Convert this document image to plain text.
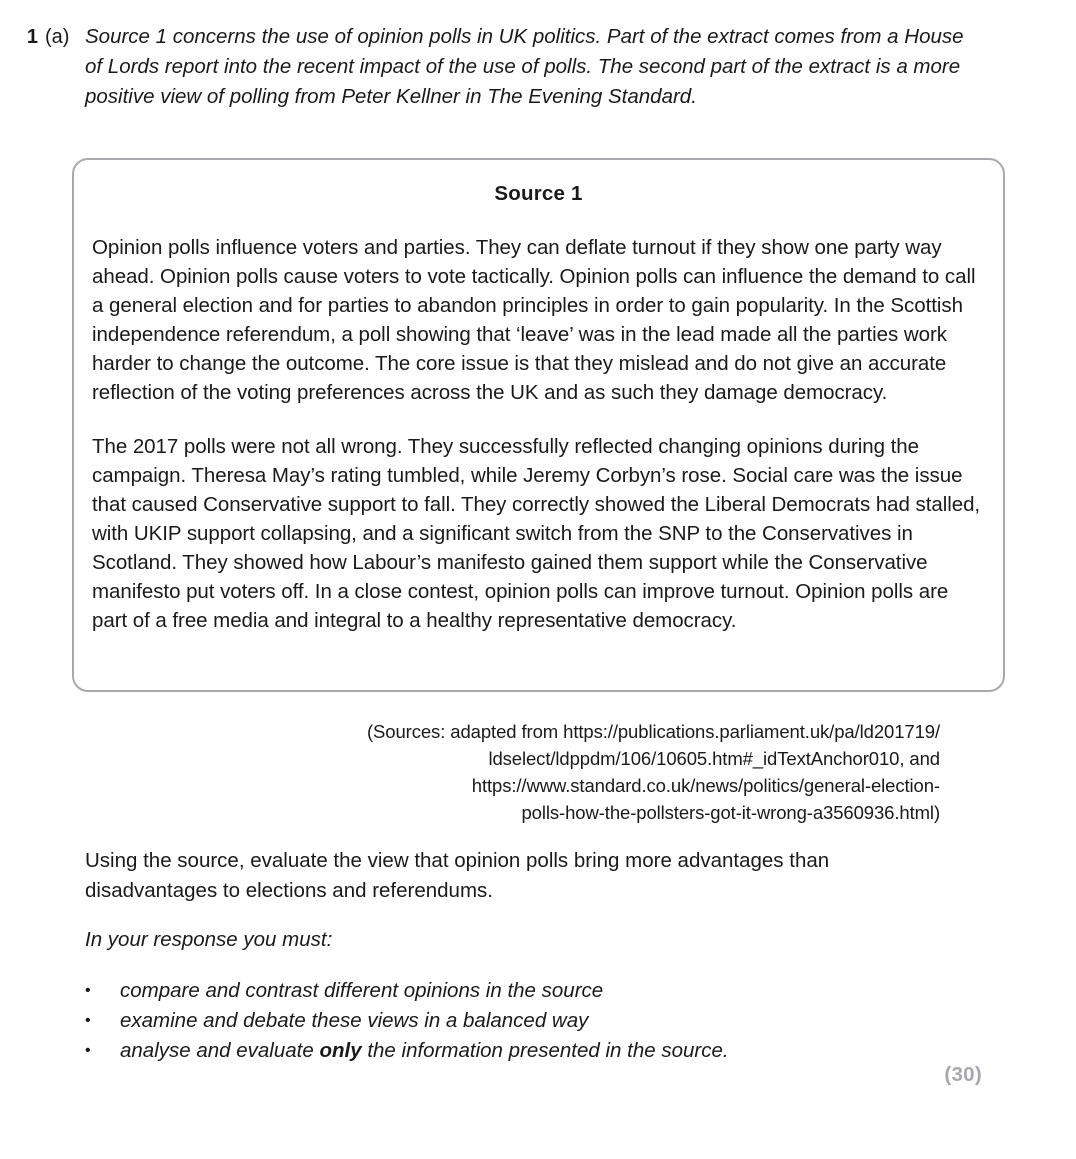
1 (a) Source 1 concerns the use of opinion polls in UK politics. Part of the extract comes from a House of Lords report into the recent impact of the use of polls. The second part of the extract is a more positive view of polling from Peter Kellner in The Evening Standard.
Source 1

Opinion polls influence voters and parties. They can deflate turnout if they show one party way ahead. Opinion polls cause voters to vote tactically. Opinion polls can influence the demand to call a general election and for parties to abandon principles in order to gain popularity. In the Scottish independence referendum, a poll showing that ‘leave’ was in the lead made all the parties work harder to change the outcome. The core issue is that they mislead and do not give an accurate reflection of the voting preferences across the UK and as such they damage democracy.

The 2017 polls were not all wrong. They successfully reflected changing opinions during the campaign. Theresa May’s rating tumbled, while Jeremy Corbyn’s rose. Social care was the issue that caused Conservative support to fall. They correctly showed the Liberal Democrats had stalled, with UKIP support collapsing, and a significant switch from the SNP to the Conservatives in Scotland. They showed how Labour’s manifesto gained them support while the Conservative manifesto put voters off. In a close contest, opinion polls can improve turnout. Opinion polls are part of a free media and integral to a healthy representative democracy.

(Sources: adapted from https://publications.parliament.uk/pa/ld201719/
ldselect/ldppdm/106/10605.htm#_idTextAnchor010, and
https://www.standard.co.uk/news/politics/general-election-
polls-how-the-pollsters-got-it-wrong-a3560936.html)

Using the source, evaluate the view that opinion polls bring more advantages than disadvantages to elections and referendums.

In your response you must:
•	compare and contrast different opinions in the source
•	examine and debate these views in a balanced way
•	analyse and evaluate only the information presented in the source.
(30)
